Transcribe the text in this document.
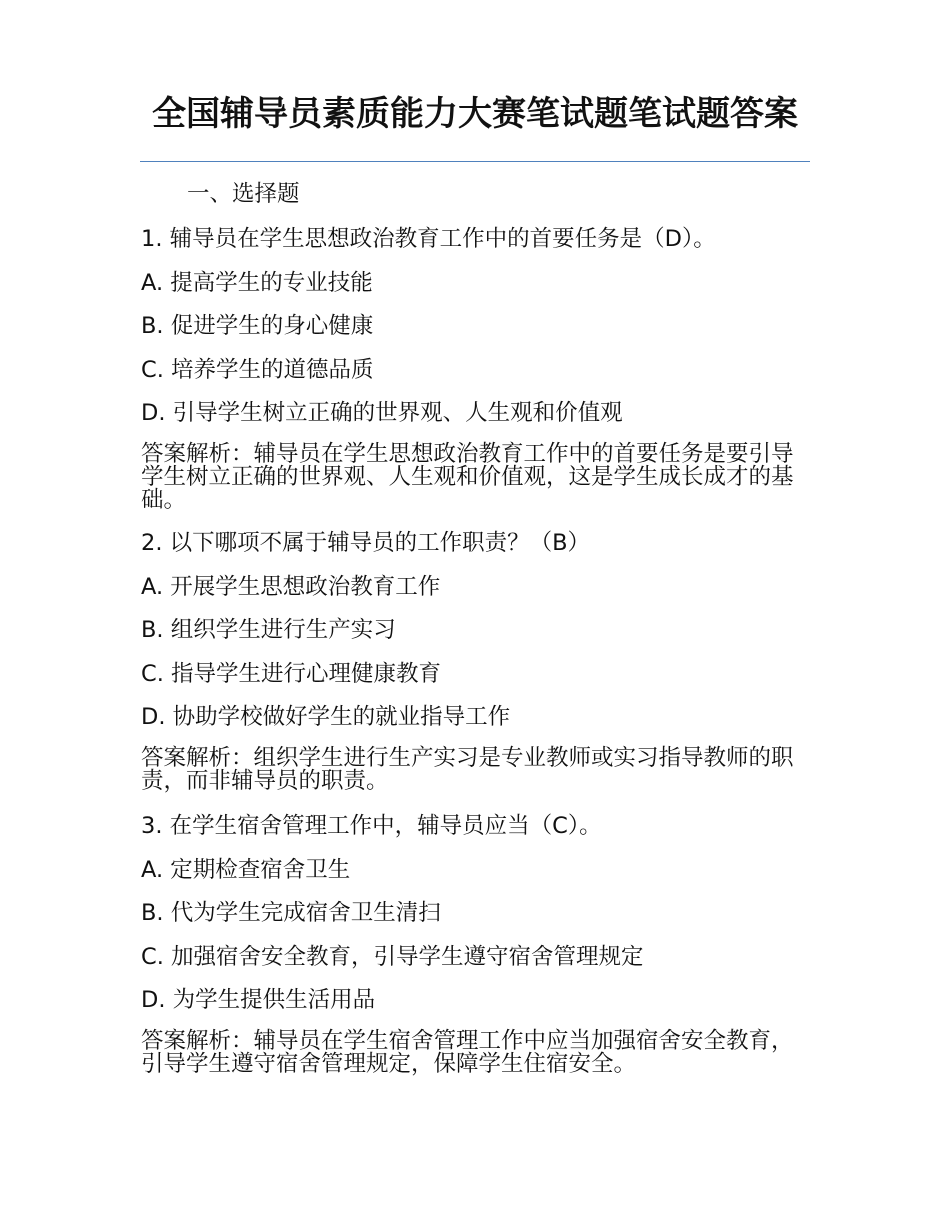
全国辅导员素质能力大赛笔试题笔试题答案

一、选择题

1. 辅导员在学生思想政治教育工作中的首要任务是（D）。

A. 提高学生的专业技能

B. 促进学生的身心健康

C. 培养学生的道德品质

D. 引导学生树立正确的世界观、人生观和价值观

答案解析：辅导员在学生思想政治教育工作中的首要任务是要引导学生树立正确的世界观、人生观和价值观，这是学生成长成才的基础。

2. 以下哪项不属于辅导员的工作职责？（B）

A. 开展学生思想政治教育工作

B. 组织学生进行生产实习

C. 指导学生进行心理健康教育

D. 协助学校做好学生的就业指导工作

答案解析：组织学生进行生产实习是专业教师或实习指导教师的职责，而非辅导员的职责。

3. 在学生宿舍管理工作中，辅导员应当（C）。

A. 定期检查宿舍卫生

B. 代为学生完成宿舍卫生清扫

C. 加强宿舍安全教育，引导学生遵守宿舍管理规定

D. 为学生提供生活用品

答案解析：辅导员在学生宿舍管理工作中应当加强宿舍安全教育，引导学生遵守宿舍管理规定，保障学生住宿安全。
